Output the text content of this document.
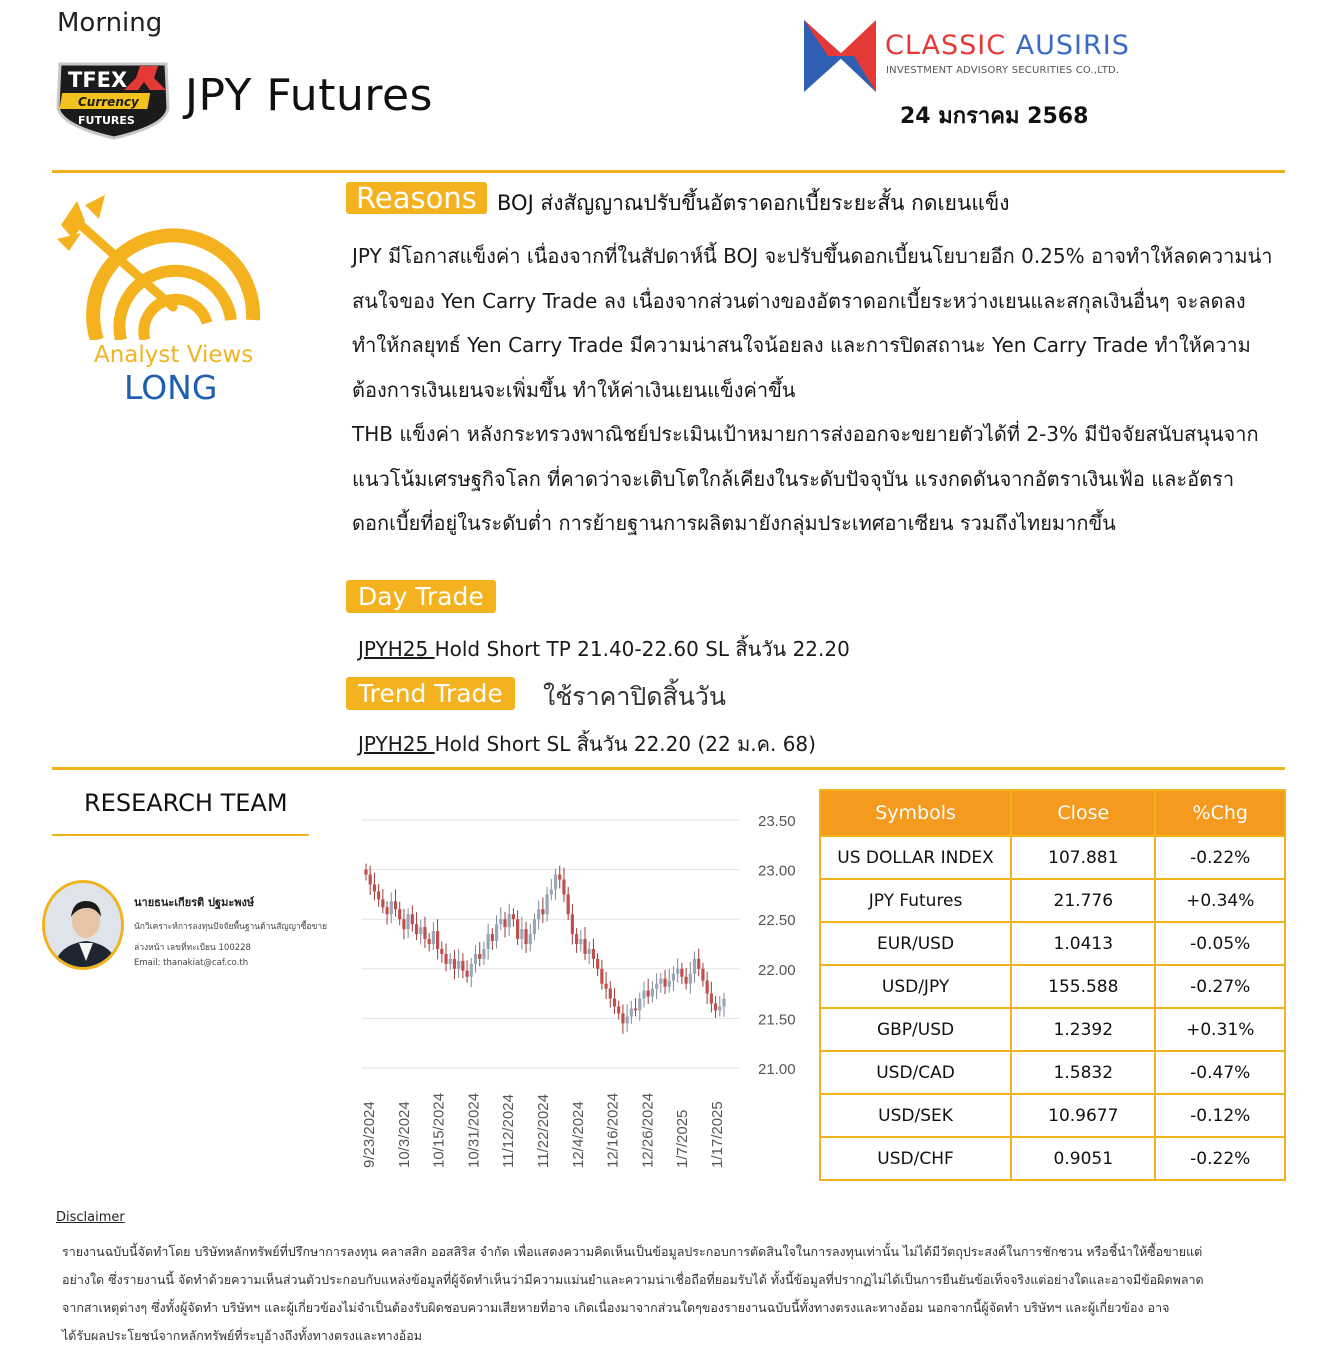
Morning
TFEX
Currency
FUTURES JPY Futures
CLASSIC AUSIRIS
INVESTMENT ADVISORY SECURITIES CO.,LTD.
24 มกราคม 2568
Analyst Views
LONG
Reasons BOJ ส่งสัญญาณปรับขึ้นอัตราดอกเบี้ยระยะสั้น กดเยนแข็ง

JPY มีโอกาสแข็งค่า เนื่องจากที่ในสัปดาห์นี้ BOJ จะปรับขึ้นดอกเบี้ยนโยบายอีก 0.25% อาจทำให้ลดความน่าสนใจของ Yen Carry Trade ลง เนื่องจากส่วนต่างของอัตราดอกเบี้ยระหว่างเยนและสกุลเงินอื่นๆ จะลดลง ทำให้กลยุทธ์ Yen Carry Trade มีความน่าสนใจน้อยลง และการปิดสถานะ Yen Carry Trade ทำให้ความต้องการเงินเยนจะเพิ่มขึ้น ทำให้ค่าเงินเยนแข็งค่าขึ้น

THB แข็งค่า หลังกระทรวงพาณิชย์ประเมินเป้าหมายการส่งออกจะขยายตัวได้ที่ 2-3% มีปัจจัยสนับสนุนจากแนวโน้มเศรษฐกิจโลก ที่คาดว่าจะเติบโตใกล้เคียงในระดับปัจจุบัน แรงกดดันจากอัตราเงินเฟ้อ และอัตราดอกเบี้ยที่อยู่ในระดับต่ำ การย้ายฐานการผลิตมายังกลุ่มประเทศอาเซียน รวมถึงไทยมากขึ้น

Day Trade
JPYH25 Hold Short TP 21.40-22.60 SL สิ้นวัน 22.20
Trend Trade	ใช้ราคาปิดสิ้นวัน
JPYH25 Hold Short SL สิ้นวัน 22.20 (22 ม.ค. 68)
RESEARCH TEAM
นายธนะเกียรติ ปฐมะพงษ์
นักวิเคราะห์การลงทุนปัจจัยพื้นฐานด้านสัญญาซื้อขายล่วงหน้า เลขที่ทะเบียน 100228
Email: thanakiat@caf.co.th
23.50
23.00
22.50
22.00
21.50
21.00
9/23/2024 10/3/2024 10/15/2024 10/31/2024 11/12/2024 11/22/2024 12/4/2024 12/16/2024 12/26/2024 1/7/2025 1/17/2025
Symbols	Close	%Chg
US DOLLAR INDEX	107.881	-0.22%
JPY Futures	21.776	+0.34%
EUR/USD	1.0413	-0.05%
USD/JPY	155.588	-0.27%
GBP/USD	1.2392	+0.31%
USD/CAD	1.5832	-0.47%
USD/SEK	10.9677	-0.12%
USD/CHF	0.9051	-0.22%
Disclaimer
รายงานฉบับนี้จัดทำโดย บริษัทหลักทรัพย์ที่ปรึกษาการลงทุน คลาสสิก ออสสิริส จำกัด เพื่อแสดงความคิดเห็นเป็นข้อมูลประกอบการตัดสินใจในการลงทุนเท่านั้น ไม่ได้มีวัตถุประสงค์ในการชักชวน หรือชี้นำให้ซื้อขายแต่
อย่างใด ซึ่งรายงานนี้ จัดทำด้วยความเห็นส่วนตัวประกอบกับแหล่งข้อมูลที่ผู้จัดทำเห็นว่ามีความแม่นยำและความน่าเชื่อถือที่ยอมรับได้ ทั้งนี้ข้อมูลที่ปรากฏไม่ได้เป็นการยืนยันข้อเท็จจริงแต่อย่างใดและอาจมีข้อผิดพลาด
จากสาเหตุต่างๆ ซึ่งทั้งผู้จัดทำ บริษัทฯ และผู้เกี่ยวข้องไม่จำเป็นต้องรับผิดชอบความเสียหายที่อาจ เกิดเนื่องมาจากส่วนใดๆของรายงานฉบับนี้ทั้งทางตรงและทางอ้อม นอกจากนี้ผู้จัดทำ บริษัทฯ และผู้เกี่ยวข้อง อาจ
ได้รับผลประโยชน์จากหลักทรัพย์ที่ระบุอ้างถึงทั้งทางตรงและทางอ้อม
